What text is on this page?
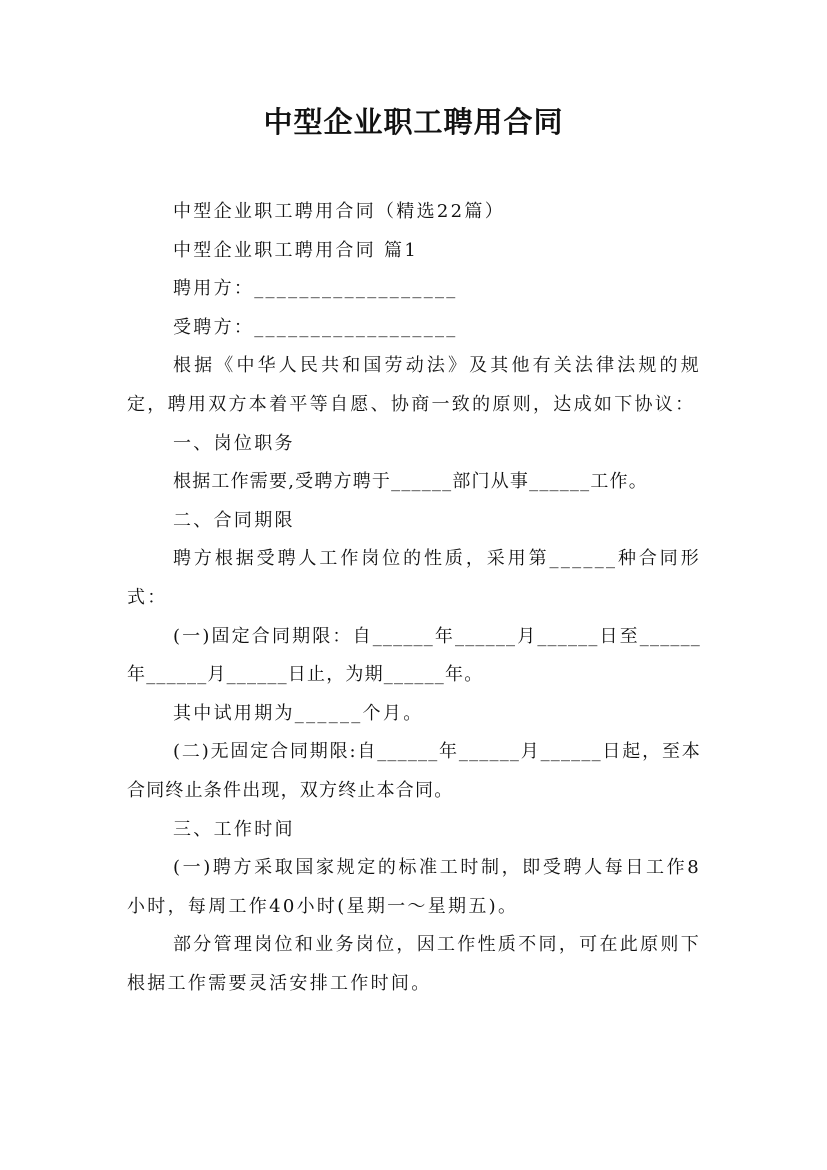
中型企业职工聘用合同

中型企业职工聘用合同（精选22篇）

中型企业职工聘用合同 篇1

聘用方：__________________

受聘方：__________________

根据《中华人民共和国劳动法》及其他有关法律法规的规定，聘用双方本着平等自愿、协商一致的原则，达成如下协议：

一、岗位职务

根据工作需要,受聘方聘于______部门从事______工作。

二、合同期限

聘方根据受聘人工作岗位的性质，采用第______种合同形式：

(一)固定合同期限：自______年______月______日至______年______月______日止，为期______年。

其中试用期为______个月。

(二)无固定合同期限:自______年______月______日起，至本合同终止条件出现，双方终止本合同。

三、工作时间

(一)聘方采取国家规定的标准工时制，即受聘人每日工作8小时，每周工作40小时(星期一～星期五)。

部分管理岗位和业务岗位，因工作性质不同，可在此原则下根据工作需要灵活安排工作时间。
